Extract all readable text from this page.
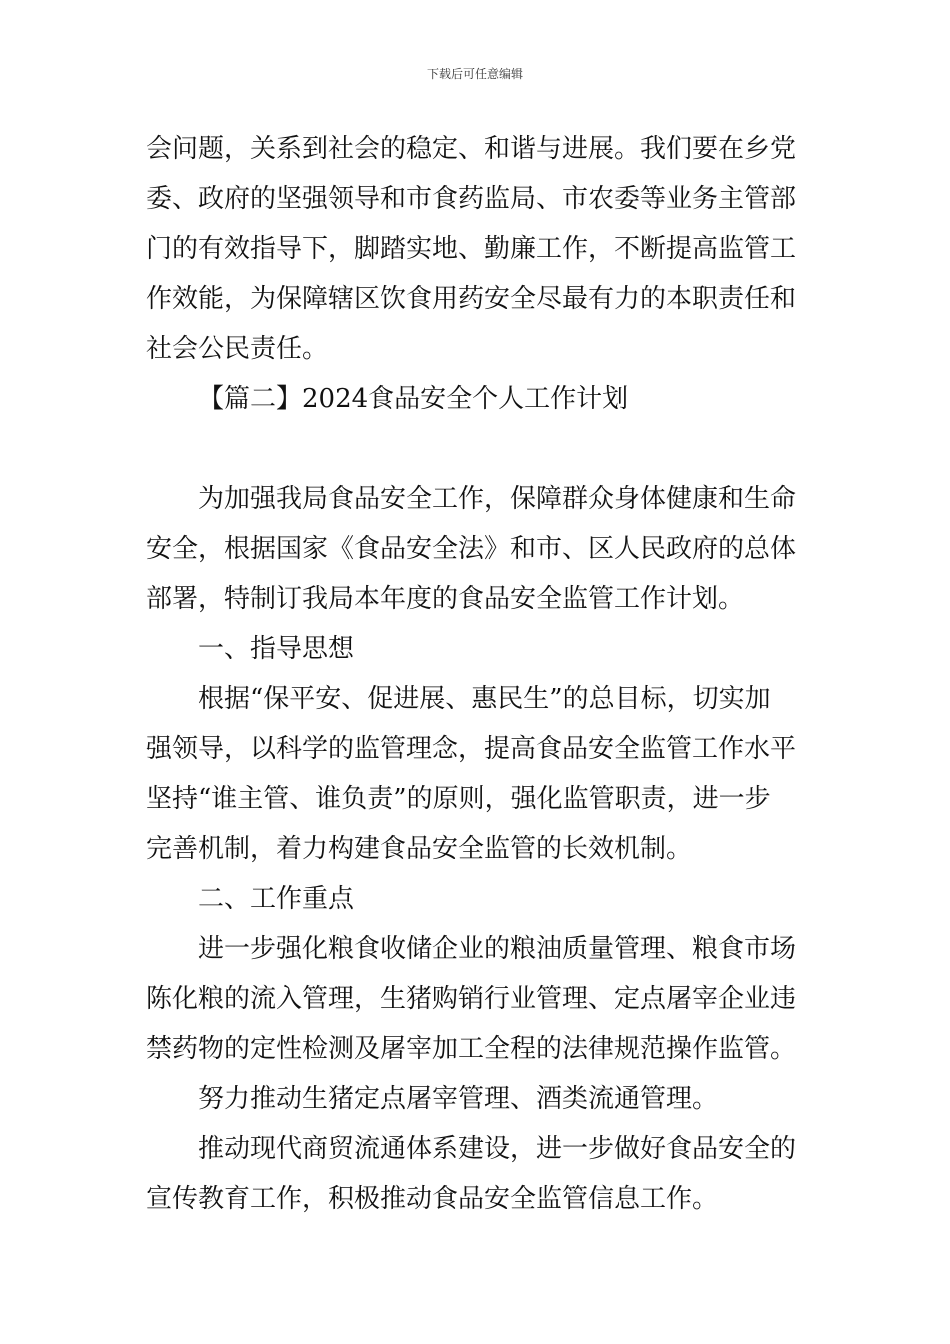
下载后可任意编辑
会问题，关系到社会的稳定、和谐与进展。我们要在乡党
委、政府的坚强领导和市食药监局、市农委等业务主管部
门的有效指导下，脚踏实地、勤廉工作，不断提高监管工
作效能，为保障辖区饮食用药安全尽最有力的本职责任和
社会公民责任。
【篇二】2024食品安全个人工作计划
为加强我局食品安全工作，保障群众身体健康和生命
安全，根据国家《食品安全法》和市、区人民政府的总体
部署，特制订我局本年度的食品安全监管工作计划。
一、指导思想
根据“保平安、促进展、惠民生”的总目标，切实加
强领导，以科学的监管理念，提高食品安全监管工作水平
坚持“谁主管、谁负责”的原则，强化监管职责，进一步
完善机制，着力构建食品安全监管的长效机制。
二、工作重点
进一步强化粮食收储企业的粮油质量管理、粮食市场
陈化粮的流入管理，生猪购销行业管理、定点屠宰企业违
禁药物的定性检测及屠宰加工全程的法律规范操作监管。
努力推动生猪定点屠宰管理、酒类流通管理。
推动现代商贸流通体系建设，进一步做好食品安全的
宣传教育工作，积极推动食品安全监管信息工作。
